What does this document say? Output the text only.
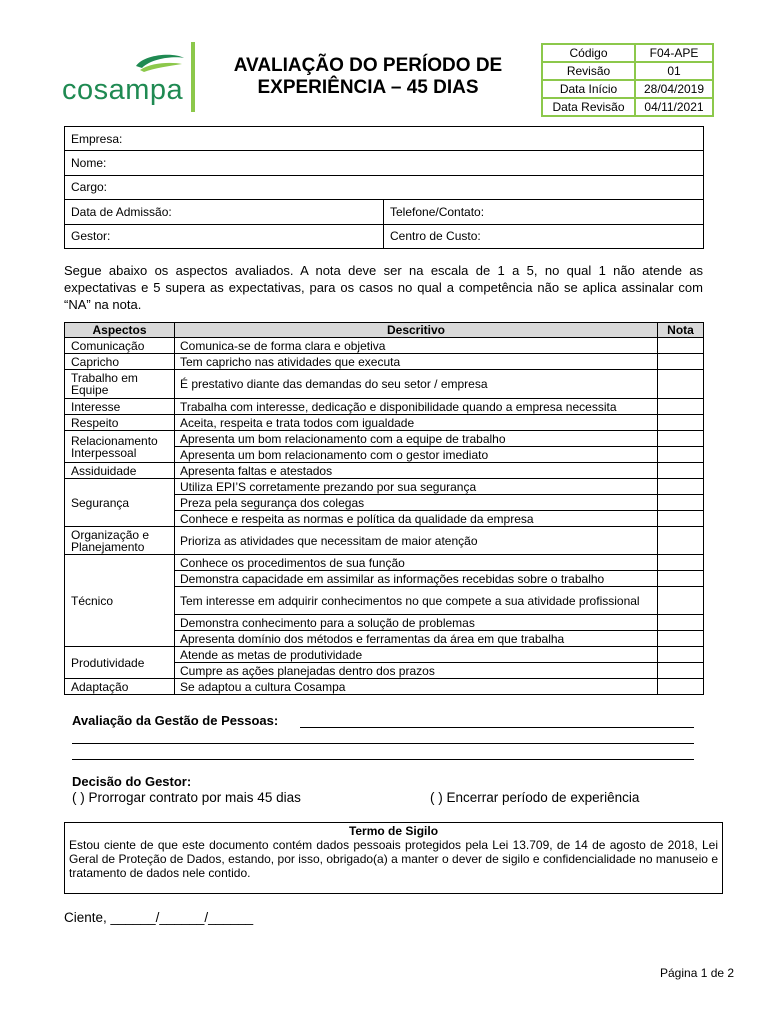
cosampa
AVALIAÇÃO DO PERÍODO DE
EXPERIÊNCIA – 45 DIAS
Código	F04-APE
Revisão	01
Data Início	28/04/2019
Data Revisão	04/11/2021
Empresa:	
Nome:	
Cargo:	
Data de Admissão:	Telefone/Contato:
Gestor:	Centro de Custo:

Segue abaixo os aspectos avaliados. A nota deve ser na escala de 1 a 5, no qual 1 não atende as expectativas e 5 supera as expectativas, para os casos no qual a competência não se aplica assinalar com “NA” na nota.

Aspectos	Descritivo	Nota
Comunicação	Comunica-se de forma clara e objetiva	
Capricho	Tem capricho nas atividades que executa	
Trabalho em Equipe	É prestativo diante das demandas do seu setor / empresa	
Interesse	Trabalha com interesse, dedicação e disponibilidade quando a empresa necessita	
Respeito	Aceita, respeita e trata todos com igualdade	
Relacionamento Interpessoal	Apresenta um bom relacionamento com a equipe de trabalho	
	Apresenta um bom relacionamento com o gestor imediato	
Assiduidade	Apresenta faltas e atestados	
Segurança	Utiliza EPI’S corretamente prezando por sua segurança	
	Preza pela segurança dos colegas	
	Conhece e respeita as normas e política da qualidade da empresa	
Organização e Planejamento	Prioriza as atividades que necessitam de maior atenção	
Técnico	Conhece os procedimentos de sua função	
	Demonstra capacidade em assimilar as informações recebidas sobre o trabalho	
	Tem interesse em adquirir conhecimentos no que compete a sua atividade profissional	
	Demonstra conhecimento para a solução de problemas	
	Apresenta domínio dos métodos e ferramentas da área em que trabalha	
Produtividade	Atende as metas de produtividade	
	Cumpre as ações planejadas dentro dos prazos	
Adaptação	Se adaptou a cultura Cosampa	
Avaliação da Gestão de Pessoas:
Decisão do Gestor:
( ) Prorrogar contrato por mais 45 dias	( ) Encerrar período de experiência
Termo de Sigilo
Estou ciente de que este documento contém dados pessoais protegidos pela Lei 13.709, de 14 de agosto de 2018, Lei Geral de Proteção de Dados, estando, por isso, obrigado(a) a manter o dever de sigilo e confidencialidade no manuseio e tratamento de dados nele contido.
Ciente, ______/______/______
Página 1 de 2
